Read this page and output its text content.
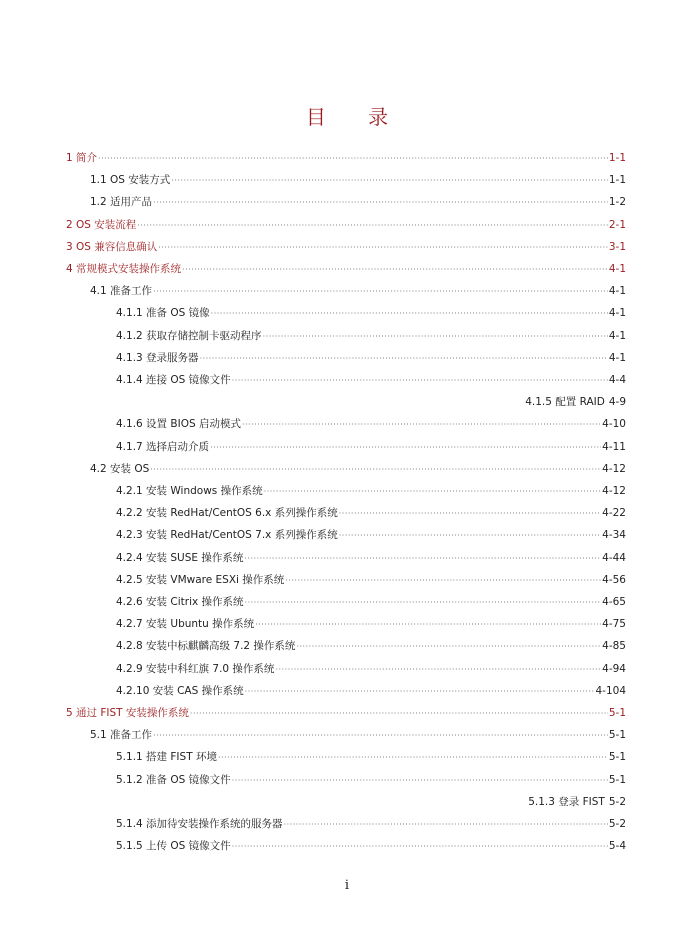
目 录
1 简介 ·····	1-1
1.1 OS 安装方式 ·····	1-1
1.2 适用产品 ·····	1-2
2 OS 安装流程 ·····	2-1
3 OS 兼容信息确认 ·····	3-1
4 常规模式安装操作系统 ·····	4-1
4.1 准备工作 ·····	4-1
4.1.1 准备 OS 镜像 ·····	4-1
4.1.2 获取存储控制卡驱动程序 ·····	4-1
4.1.3 登录服务器 ·····	4-1
4.1.4 连接 OS 镜像文件 ·····	4-4
4.1.5 配置 RAID 4-9
4.1.6 设置 BIOS 启动模式 ·····	4-10
4.1.7 选择启动介质 ·····	4-11
4.2 安装 OS ·····	4-12
4.2.1 安装 Windows 操作系统 ·····	4-12
4.2.2 安装 RedHat/CentOS 6.x 系列操作系统 ·····	4-22
4.2.3 安装 RedHat/CentOS 7.x 系列操作系统 ·····	4-34
4.2.4 安装 SUSE 操作系统 ·····	4-44
4.2.5 安装 VMware ESXi 操作系统 ·····	4-56
4.2.6 安装 Citrix 操作系统 ·····	4-65
4.2.7 安装 Ubuntu 操作系统 ·····	4-75
4.2.8 安装中标麒麟高级 7.2 操作系统 ·····	4-85
4.2.9 安装中科红旗 7.0 操作系统 ·····	4-94
4.2.10 安装 CAS 操作系统 ·····	4-104
5 通过 FIST 安装操作系统 ·····	5-1
5.1 准备工作 ·····	5-1
5.1.1 搭建 FIST 环境 ·····	5-1
5.1.2 准备 OS 镜像文件 ·····	5-1
5.1.3 登录 FIST 5-2
5.1.4 添加待安装操作系统的服务器 ·····	5-2
5.1.5 上传 OS 镜像文件 ·····	5-4
i
